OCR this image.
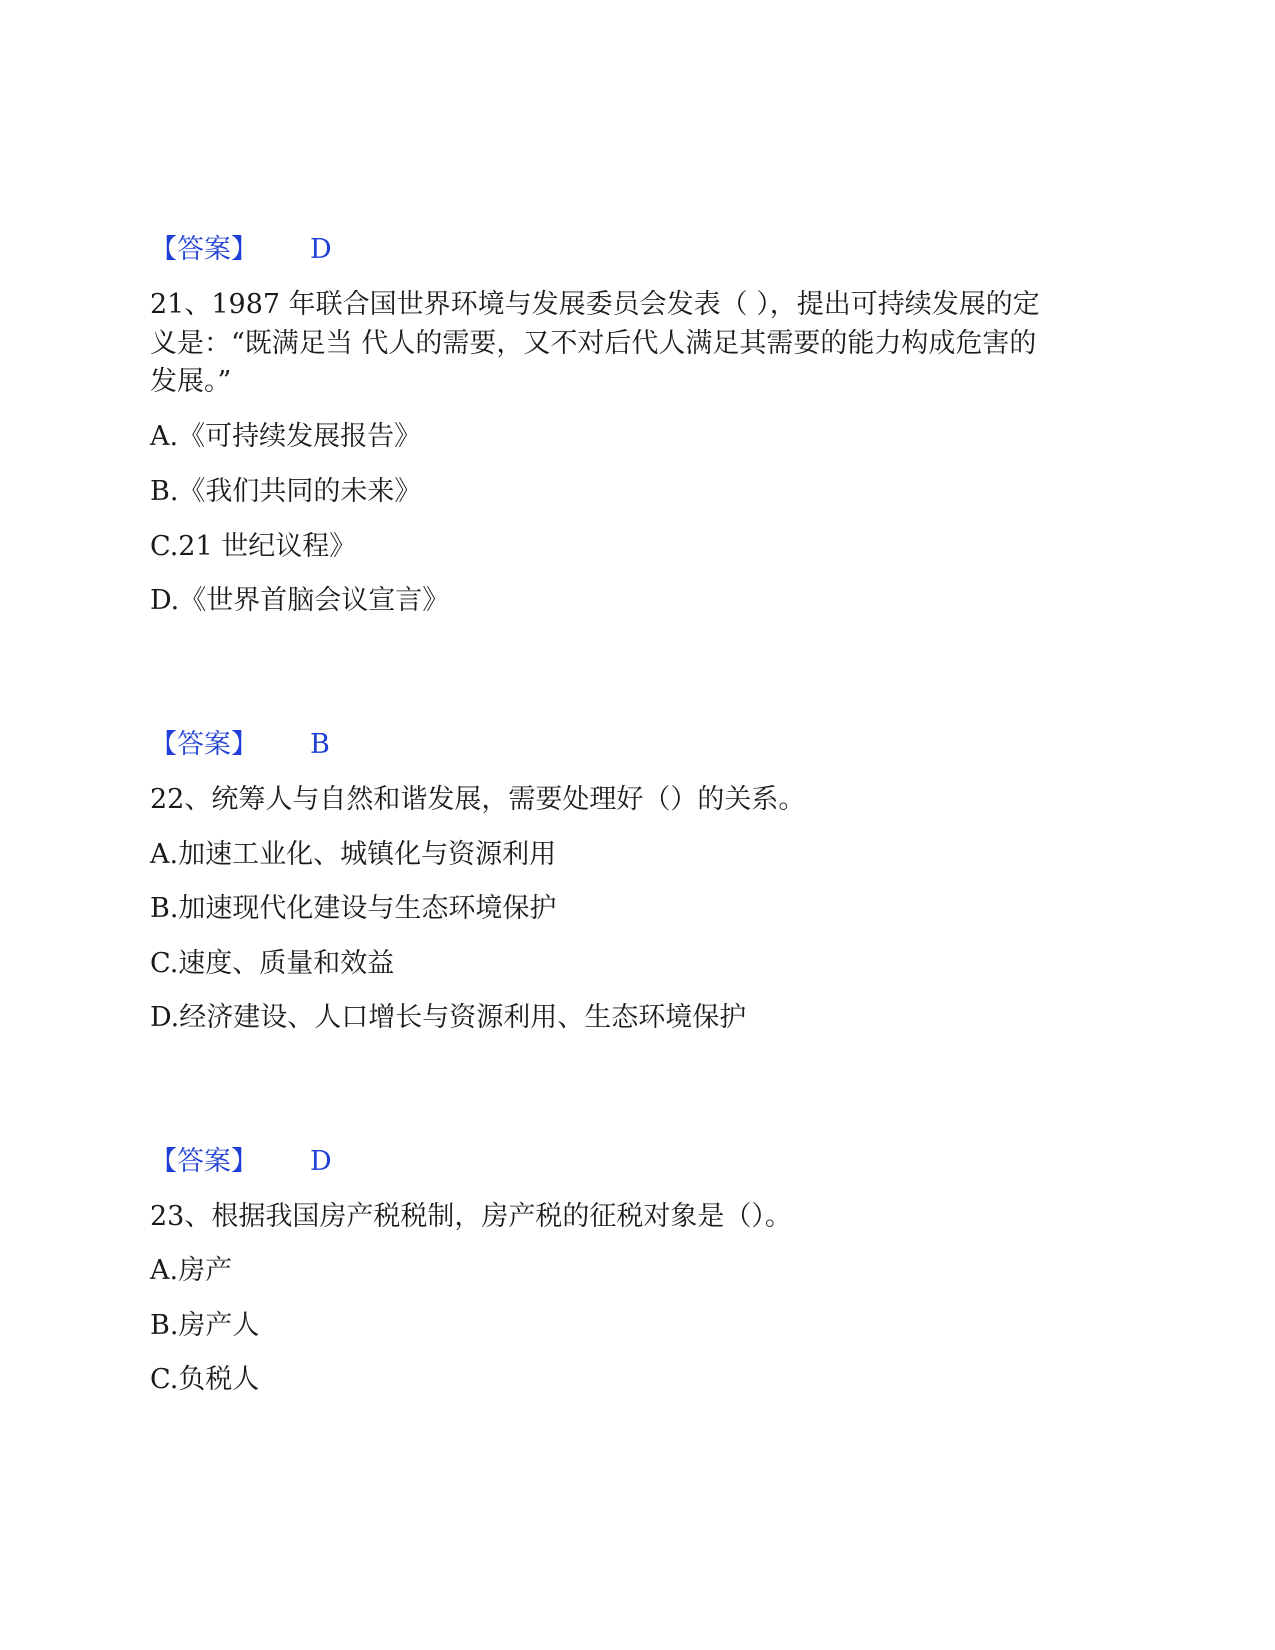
【答案】 D
21、1987 年联合国世界环境与发展委员会发表（ ），提出可持续发展的定
义是：“既满足当 代人的需要，又不对后代人满足其需要的能力构成危害的
发展。”
A.《可持续发展报告》
B.《我们共同的未来》
C.21 世纪议程》
D.《世界首脑会议宣言》
【答案】 B
22、统筹人与自然和谐发展，需要处理好（）的关系。
A.加速工业化、城镇化与资源利用
B.加速现代化建设与生态环境保护
C.速度、质量和效益
D.经济建设、人口增长与资源利用、生态环境保护
【答案】 D
23、根据我国房产税税制，房产税的征税对象是（）。
A.房产
B.房产人
C.负税人
